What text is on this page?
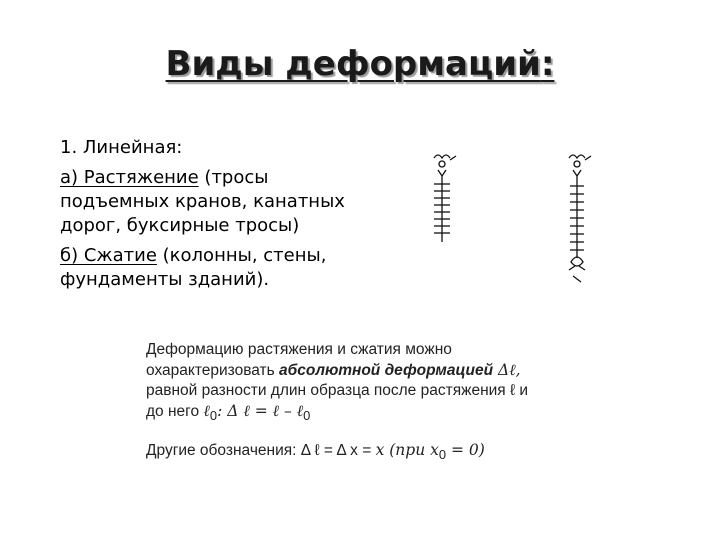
Виды деформаций:

1. Линейная:

а) Растяжение (тросы подъемных кранов, канатных дорог, буксирные тросы)

б) Сжатие (колонны, стены, фундаменты зданий).

Деформацию растяжения и сжатия можно
охарактеризовать абсолютной деформацией Δℓ,
равной разности длин образца после растяжения ℓ и
до него ℓ$_0$: Δ ℓ = ℓ – ℓ$_0$
Другие обозначения: Δ ℓ = Δ x = x (при $x_0 = 0$)
